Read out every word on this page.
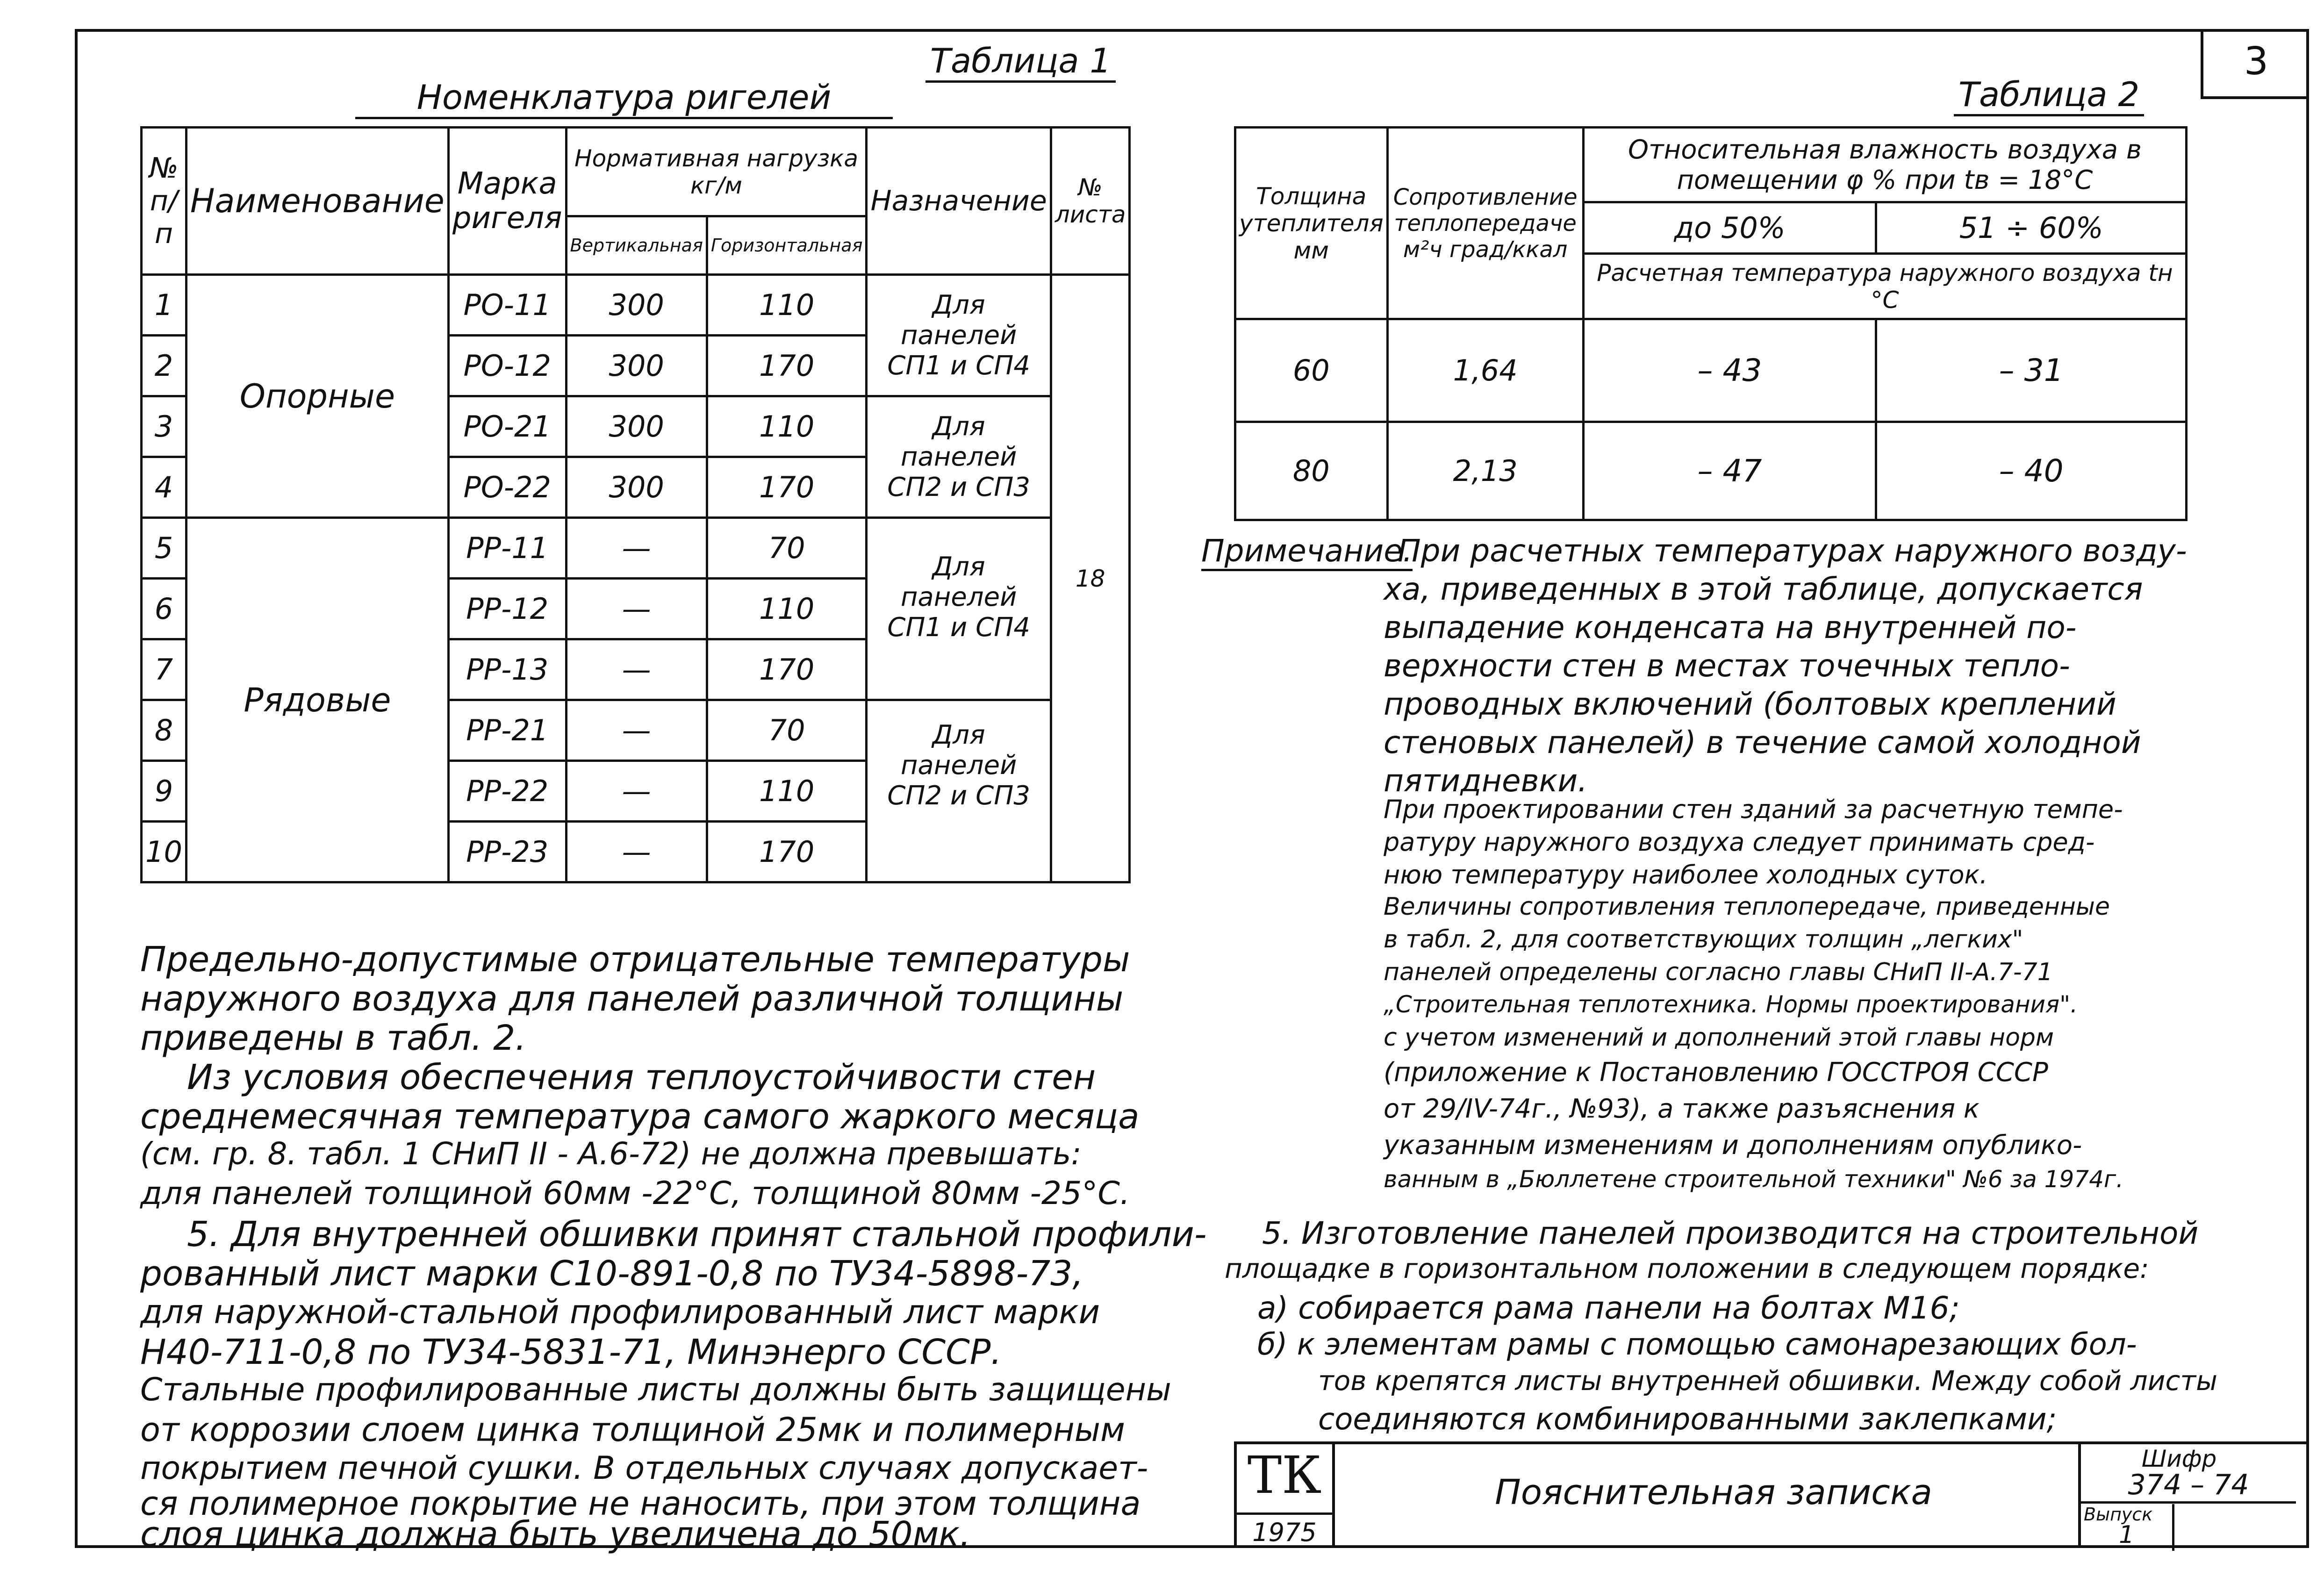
3
Таблица 1
Номенклатура ригелей
№ п/п	Наименование	Марка ригеля	Нормативная нагрузка кг/м		Назначение	№ листа
			Вертикальная	Горизонтальная		
1	Опорные	РО-11	300	110	Для панелей СП1 и СП4	18
2		РО-12	300	170		
3		РО-21	300	110	Для панелей СП2 и СП3	
4		РО-22	300	170		
5	Рядовые	РР-11	—	70	Для панелей СП1 и СП4	
6		РР-12	—	110		
7		РР-13	—	170		
8		РР-21	—	70	Для панелей СП2 и СП3	
9		РР-22	—	110		
10		РР-23	—	170		
Таблица 2
Толщина утеплителя мм	Сопротивление теплопередаче м²ч град/ккал	Относительная влажность воздуха в помещении φ % при tв = 18°С	
		до 50%	51 ÷ 60%
		Расчетная температура наружного воздуха tн °С	
60	1,64	– 43	– 31
80	2,13	– 47	– 40
Примечание.
При расчетных температурах наружного возду-
ха, приведенных в этой таблице, допускается
выпадение конденсата на внутренней по-
верхности стен в местах точечных тепло-
проводных включений (болтовых креплений
стеновых панелей) в течение самой холодной
пятидневки.
При проектировании стен зданий за расчетную темпе-
ратуру наружного воздуха следует принимать сред-
нюю температуру наиболее холодных суток.
Величины сопротивления теплопередаче, приведенные
в табл. 2, для соответствующих толщин „легких"
панелей определены согласно главы СНиП II-А.7-71
„Строительная теплотехника. Нормы проектирования".
с учетом изменений и дополнений этой главы норм
(приложение к Постановлению ГОССТРОЯ СССР
от 29/IV-74г., №93), а также разъяснения к
указанным изменениям и дополнениям опублико-
ванным в „Бюллетене строительной техники" №6 за 1974г.
Предельно-допустимые отрицательные температуры
наружного воздуха для панелей различной толщины
приведены в табл. 2.
Из условия обеспечения теплоустойчивости стен
среднемесячная температура самого жаркого месяца
(см. гр. 8. табл. 1 СНиП II - А.6-72) не должна превышать:
для панелей толщиной 60мм -22°С, толщиной 80мм -25°С.
5. Для внутренней обшивки принят стальной профили-
рованный лист марки С10-891-0,8 по ТУ34-5898-73,
для наружной-стальной профилированный лист марки
Н40-711-0,8 по ТУ34-5831-71, Минэнерго СССР.
Стальные профилированные листы должны быть защищены
от коррозии слоем цинка толщиной 25мк и полимерным
покрытием печной сушки. В отдельных случаях допускает-
ся полимерное покрытие не наносить, при этом толщина
слоя цинка должна быть увеличена до 50мк.
5. Изготовление панелей производится на строительной
площадке в горизонтальном положении в следующем порядке:
а) собирается рама панели на болтах М16;
б) к элементам рамы с помощью самонарезающих бол-
тов крепятся листы внутренней обшивки. Между собой листы
соединяются комбинированными заклепками;
ТК
1975
Пояснительная записка
Шифр
374 – 74
Выпуск
1
